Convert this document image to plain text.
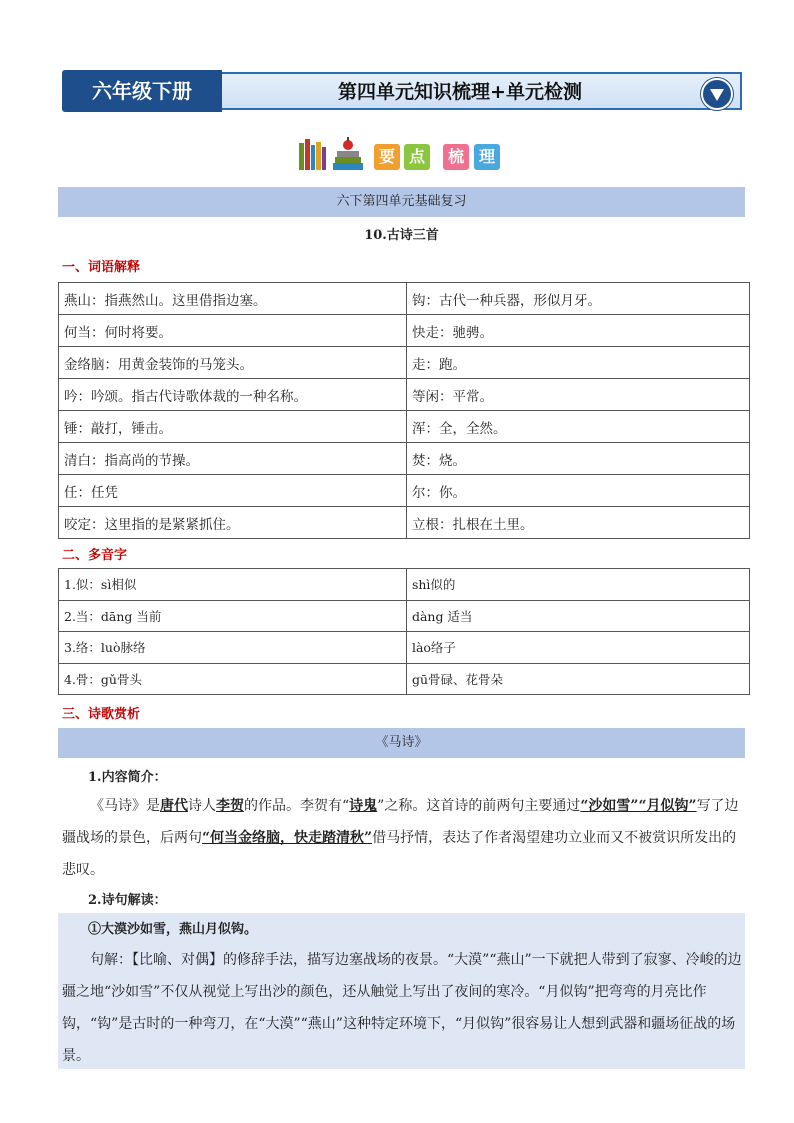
六年级下册	第四单元知识梳理+单元检测
要 点	梳 理
六下第四单元基础复习
10.古诗三首
一、词语解释
燕山：指燕然山。这里借指边塞。	钩：古代一种兵器，形似月牙。
何当：何时将要。	快走：驰骋。
金络脑：用黄金装饰的马笼头。	走：跑。
吟：吟颂。指古代诗歌体裁的一种名称。	等闲：平常。
锤：敲打，锤击。	浑：全，全然。
清白：指高尚的节操。	焚：烧。
任：任凭	尔：你。
咬定：这里指的是紧紧抓住。	立根：扎根在土里。
二、多音字
1.似：sì相似	shì似的
2.当：dāng 当前	dàng 适当
3.络：luò脉络	lào络子
4.骨：gǔ骨头	gū骨碌、花骨朵
三、诗歌赏析
《马诗》
1.内容简介：
《马诗》是唐代诗人李贺的作品。李贺有“诗鬼”之称。这首诗的前两句主要通过“沙如雪”“月似钩”写了边疆战场的景色，后两句“何当金络脑，快走踏清秋”借马抒情，表达了作者渴望建功立业而又不被赏识所发出的悲叹。
2.诗句解读：
①大漠沙如雪，燕山月似钩。
句解：【比喻、对偶】的修辞手法，描写边塞战场的夜景。“大漠”“燕山”一下就把人带到了寂寥、冷峻的边疆之地“沙如雪”不仅从视觉上写出沙的颜色，还从触觉上写出了夜间的寒冷。“月似钩”把弯弯的月亮比作钩，“钩”是古时的一种弯刀，在“大漠”“燕山”这种特定环境下，“月似钩”很容易让人想到武器和疆场征战的场景。
